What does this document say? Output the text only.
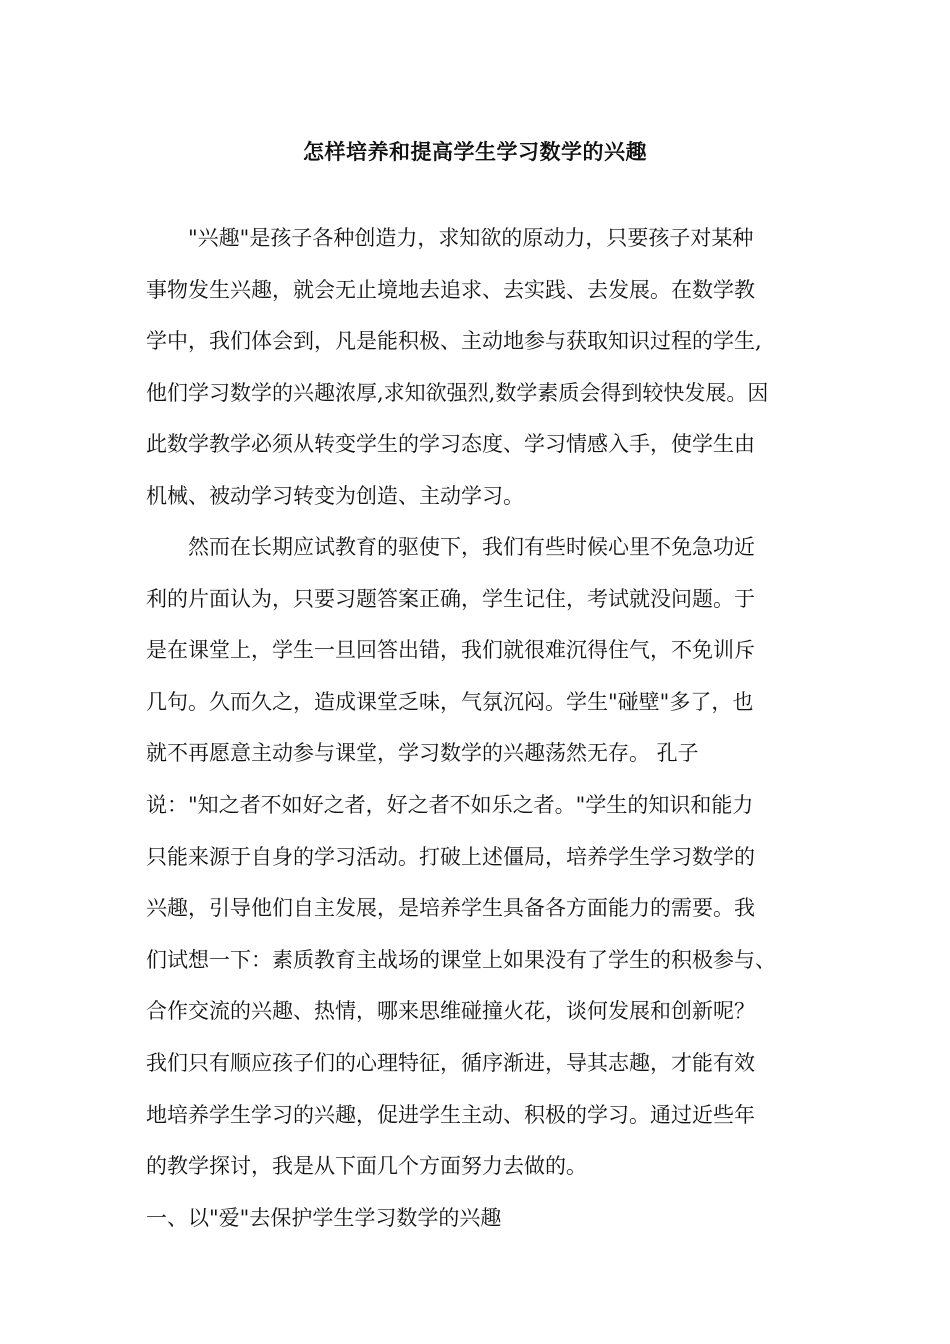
怎样培养和提高学生学习数学的兴趣
"兴趣"是孩子各种创造力，求知欲的原动力，只要孩子对某种
事物发生兴趣，就会无止境地去追求、去实践、去发展。在数学教
学中，我们体会到，凡是能积极、主动地参与获取知识过程的学生,
他们学习数学的兴趣浓厚,求知欲强烈,数学素质会得到较快发展。因
此数学教学必须从转变学生的学习态度、学习情感入手，使学生由
机械、被动学习转变为创造、主动学习。
然而在长期应试教育的驱使下，我们有些时候心里不免急功近
利的片面认为，只要习题答案正确，学生记住，考试就没问题。于
是在课堂上，学生一旦回答出错，我们就很难沉得住气，不免训斥
几句。久而久之，造成课堂乏味，气氛沉闷。学生"碰壁"多了，也
就不再愿意主动参与课堂，学习数学的兴趣荡然无存。 孔子
说："知之者不如好之者，好之者不如乐之者。"学生的知识和能力
只能来源于自身的学习活动。打破上述僵局，培养学生学习数学的
兴趣，引导他们自主发展，是培养学生具备各方面能力的需要。我
们试想一下：素质教育主战场的课堂上如果没有了学生的积极参与、
合作交流的兴趣、热情，哪来思维碰撞火花，谈何发展和创新呢？
我们只有顺应孩子们的心理特征，循序渐进，导其志趣，才能有效
地培养学生学习的兴趣，促进学生主动、积极的学习。通过近些年
的教学探讨，我是从下面几个方面努力去做的。
一、以"爱"去保护学生学习数学的兴趣
